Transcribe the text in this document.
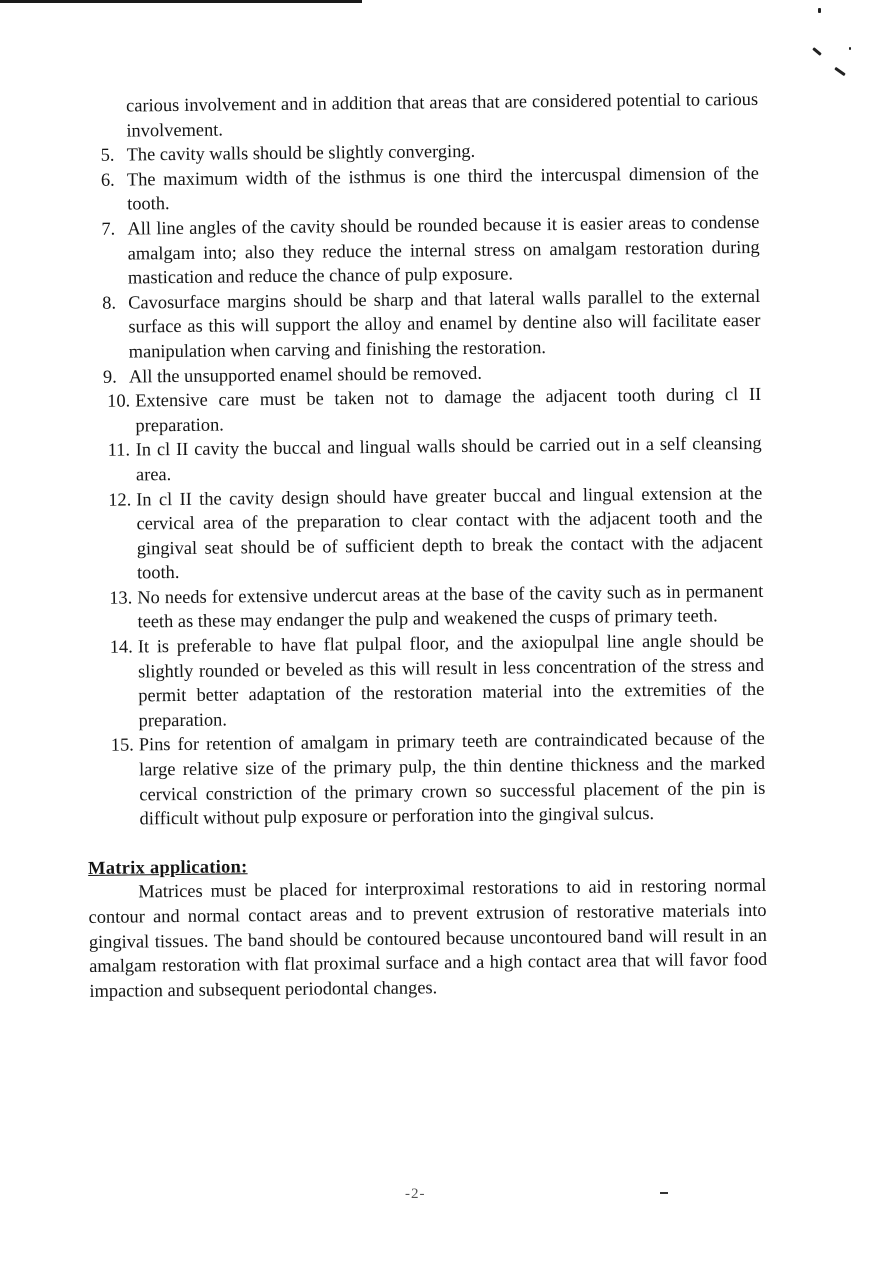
carious involvement and in addition that areas that are considered potential to carious involvement.
5. The cavity walls should be slightly converging.
6. The maximum width of the isthmus is one third the intercuspal dimension of the tooth.
7. All line angles of the cavity should be rounded because it is easier areas to condense amalgam into; also they reduce the internal stress on amalgam restoration during mastication and reduce the chance of pulp exposure.
8. Cavosurface margins should be sharp and that lateral walls parallel to the external surface as this will support the alloy and enamel by dentine also will facilitate easer manipulation when carving and finishing the restoration.
9. All the unsupported enamel should be removed.
10. Extensive care must be taken not to damage the adjacent tooth during cl II preparation.
11. In cl II cavity the buccal and lingual walls should be carried out in a self cleansing area.
12. In cl II the cavity design should have greater buccal and lingual extension at the cervical area of the preparation to clear contact with the adjacent tooth and the gingival seat should be of sufficient depth to break the contact with the adjacent tooth.
13. No needs for extensive undercut areas at the base of the cavity such as in permanent teeth as these may endanger the pulp and weakened the cusps of primary teeth.
14. It is preferable to have flat pulpal floor, and the axiopulpal line angle should be slightly rounded or beveled as this will result in less concentration of the stress and permit better adaptation of the restoration material into the extremities of the preparation.
15. Pins for retention of amalgam in primary teeth are contraindicated because of the large relative size of the primary pulp, the thin dentine thickness and the marked cervical constriction of the primary crown so successful placement of the pin is difficult without pulp exposure or perforation into the gingival sulcus.
Matrix application:
Matrices must be placed for interproximal restorations to aid in restoring normal contour and normal contact areas and to prevent extrusion of restorative materials into gingival tissues. The band should be contoured because uncontoured band will result in an amalgam restoration with flat proximal surface and a high contact area that will favor food impaction and subsequent periodontal changes.
-2-
